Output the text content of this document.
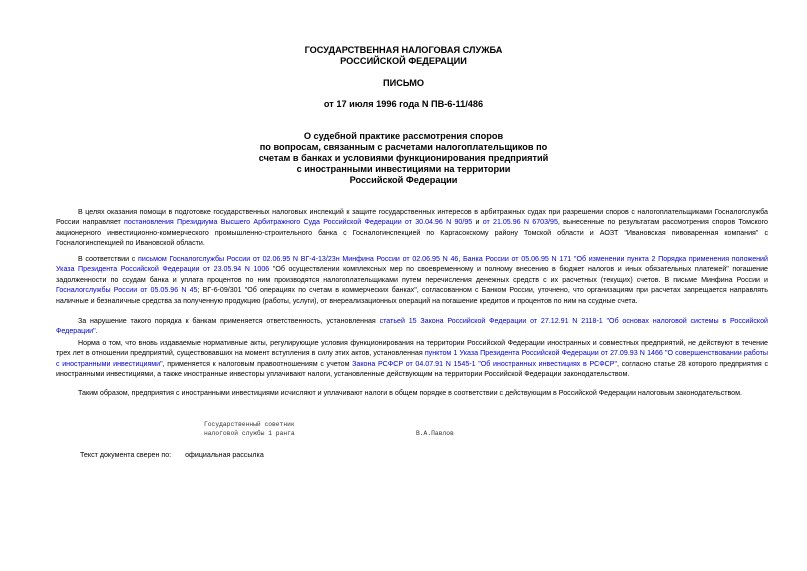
ГОСУДАРСТВЕННАЯ НАЛОГОВАЯ СЛУЖБА
РОССИЙСКОЙ ФЕДЕРАЦИИ
ПИСЬМО
от 17 июля 1996 года N ПВ-6-11/486
О судебной практике рассмотрения споров
по вопросам, связанным с расчетами налогоплательщиков по
счетам в банках и условиями функционирования предприятий
с иностранными инвестициями на территории
Российской Федерации

В целях оказания помощи в подготовке государственных налоговых инспекций к защите государственных интересов в арбитражных судах при разрешении споров с налогоплательщиками Госналогслужба России направляет постановления Президиума Высшего Арбитражного Суда Российской Федерации от 30.04.96 N 90/95 и от 21.05.96 N 6703/95, вынесенные по результатам рассмотрения споров Томского акционерного инвестиционно-коммерческого промышленно-строительного банка с Госналогинспекцией по Каргасокскому району Томской области и АОЗТ "Ивановская пивоваренная компания" с Госналогинспекцией по Ивановской области.

В соответствии с письмом Госналогслужбы России от 02.06.95 N ВГ-4-13/23н Минфина России от 02.06.95 N 46, Банка России от 05.06.95 N 171 "Об изменении пункта 2 Порядка применения положений Указа Президента Российской Федерации от 23.05.94 N 1006 "Об осуществлении комплексных мер по своевременному и полному внесению в бюджет налогов и иных обязательных платежей" погашение задолженности по ссудам банка и уплата процентов по ним производятся налогоплательщиками путем перечисления денежных средств с их расчетных (текущих) счетов. В письме Минфина России и Госналогслужбы России от 05.05.96 N 45; ВГ-6-09/301 "Об операциях по счетам в коммерческих банках", согласованном с Банком России, уточнено, что организациям при расчетах запрещается направлять наличные и безналичные средства за полученную продукцию (работы, услуги), от внереализационных операций на погашение кредитов и процентов по ним на ссудные счета.

За нарушение такого порядка к банкам применяется ответственность, установленная статьей 15 Закона Российской Федерации от 27.12.91 N 2118-1 "Об основах налоговой системы в Российской Федерации".

Норма о том, что вновь издаваемые нормативные акты, регулирующие условия функционирования на территории Российской Федерации иностранных и совместных предприятий, не действуют в течение трех лет в отношении предприятий, существовавших на момент вступления в силу этих актов, установленная пунктом 1 Указа Президента Российской Федерации от 27.09.93 N 1466 "О совершенствовании работы с иностранными инвестициями", применяется к налоговым правоотношениям с учетом Закона РСФСР от 04.07.91 N 1545-1 "Об иностранных инвестициях в РСФСР", согласно статье 28 которого предприятия с иностранными инвестициями, а также иностранные инвесторы уплачивают налоги, установленные действующим на территории Российской Федерации законодательством.

Таким образом, предприятия с иностранными инвестициями исчисляют и уплачивают налоги в общем порядке в соответствии с действующим в Российской Федерации налоговым законодательством.

Государственный советник
налоговой службы 1 ранга	В.А.Павлов
Текст документа сверен по: официальная рассылка
